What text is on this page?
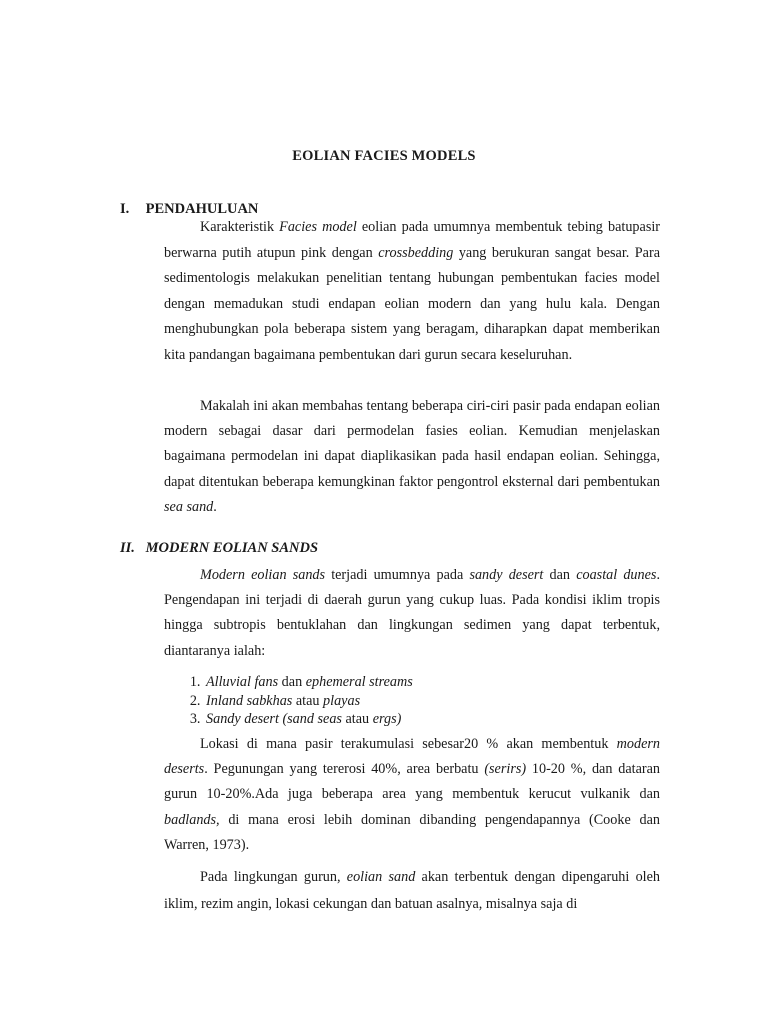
EOLIAN FACIES MODELS
I. PENDAHULUAN

Karakteristik Facies model eolian pada umumnya membentuk tebing batupasir berwarna putih atupun pink dengan crossbedding yang berukuran sangat besar. Para sedimentologis melakukan penelitian tentang hubungan pembentukan facies model dengan memadukan studi endapan eolian modern dan yang hulu kala. Dengan menghubungkan pola beberapa sistem yang beragam, diharapkan dapat memberikan kita pandangan bagaimana pembentukan dari gurun secara keseluruhan.

Makalah ini akan membahas tentang beberapa ciri-ciri pasir pada endapan eolian modern sebagai dasar dari permodelan fasies eolian. Kemudian menjelaskan bagaimana permodelan ini dapat diaplikasikan pada hasil endapan eolian. Sehingga, dapat ditentukan beberapa kemungkinan faktor pengontrol eksternal dari pembentukan sea sand.

II. MODERN EOLIAN SANDS

Modern eolian sands terjadi umumnya pada sandy desert dan coastal dunes. Pengendapan ini terjadi di daerah gurun yang cukup luas. Pada kondisi iklim tropis hingga subtropis bentuklahan dan lingkungan sedimen yang dapat terbentuk, diantaranya ialah:

1. Alluvial fans dan ephemeral streams
2. Inland sabkhas atau playas
3. Sandy desert (sand seas atau ergs)

Lokasi di mana pasir terakumulasi sebesar20 % akan membentuk modern deserts. Pegunungan yang tererosi 40%, area berbatu (serirs) 10-20 %, dan dataran gurun 10-20%.Ada juga beberapa area yang membentuk kerucut vulkanik dan badlands, di mana erosi lebih dominan dibanding pengendapannya (Cooke dan Warren, 1973).

Pada lingkungan gurun, eolian sand akan terbentuk dengan dipengaruhi oleh iklim, rezim angin, lokasi cekungan dan batuan asalnya, misalnya saja di
